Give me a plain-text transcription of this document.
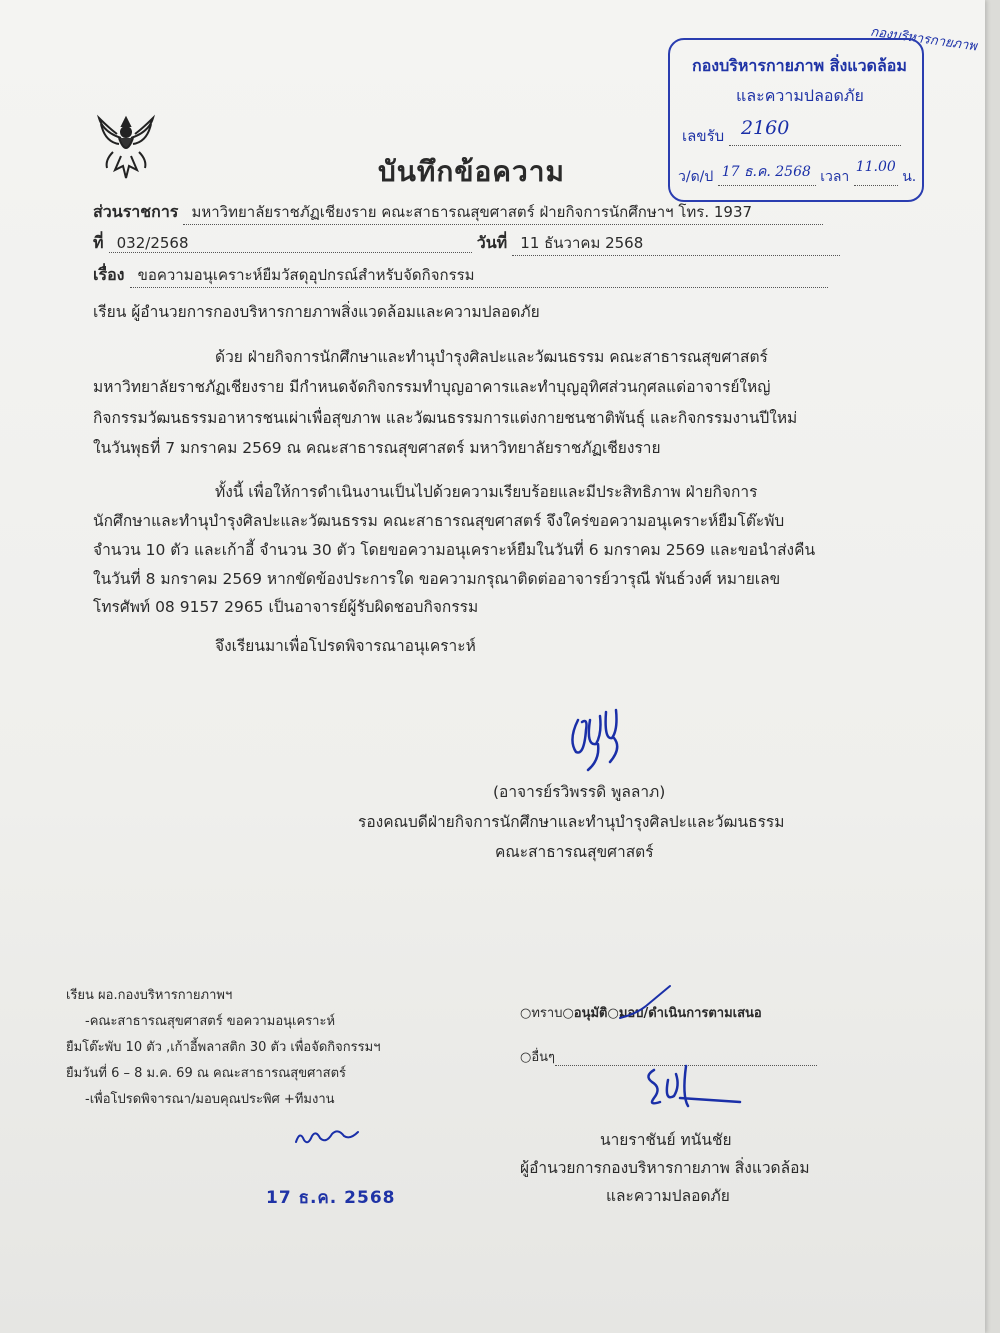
กองบริหารกายภาพ
กองบริหารกายภาพ สิ่งแวดล้อม
และความปลอดภัย
เลขรับ 2160

ว/ด/ป 17 ธ.ค. 2568 เวลา
11.00
น.
บันทึกข้อความ
ส่วนราชการ มหาวิทยาลัยราชภัฏเชียงราย คณะสาธารณสุขศาสตร์ ฝ่ายกิจการนักศึกษาฯ โทร. 1937
ที่ 032/2568	วันที่ 11 ธันวาคม 2568
เรื่อง ขอความอนุเคราะห์ยืมวัสดุอุปกรณ์สำหรับจัดกิจกรรม
เรียน ผู้อำนวยการกองบริหารกายภาพสิ่งแวดล้อมและความปลอดภัย
ด้วย ฝ่ายกิจการนักศึกษาและทำนุบำรุงศิลปะและวัฒนธรรม คณะสาธารณสุขศาสตร์
มหาวิทยาลัยราชภัฏเชียงราย มีกำหนดจัดกิจกรรมทำบุญอาคารและทำบุญอุทิศส่วนกุศลแด่อาจารย์ใหญ่
กิจกรรมวัฒนธรรมอาหารชนเผ่าเพื่อสุขภาพ และวัฒนธรรมการแต่งกายชนชาติพันธุ์ และกิจกรรมงานปีใหม่
ในวันพุธที่ 7 มกราคม 2569 ณ คณะสาธารณสุขศาสตร์ มหาวิทยาลัยราชภัฏเชียงราย
ทั้งนี้ เพื่อให้การดำเนินงานเป็นไปด้วยความเรียบร้อยและมีประสิทธิภาพ ฝ่ายกิจการ
นักศึกษาและทำนุบำรุงศิลปะและวัฒนธรรม คณะสาธารณสุขศาสตร์ จึงใคร่ขอความอนุเคราะห์ยืมโต๊ะพับ
จำนวน 10 ตัว และเก้าอี้ จำนวน 30 ตัว โดยขอความอนุเคราะห์ยืมในวันที่ 6 มกราคม 2569 และขอนำส่งคืน
ในวันที่ 8 มกราคม 2569 หากขัดข้องประการใด ขอความกรุณาติดต่ออาจารย์วารุณี พันธ์วงศ์ หมายเลข
โทรศัพท์ 08 9157 2965 เป็นอาจารย์ผู้รับผิดชอบกิจกรรม
จึงเรียนมาเพื่อโปรดพิจารณาอนุเคราะห์
(อาจารย์รวิพรรดิ พูลลาภ)
รองคณบดีฝ่ายกิจการนักศึกษาและทำนุบำรุงศิลปะและวัฒนธรรม
คณะสาธารณสุขศาสตร์
เรียน ผอ.กองบริหารกายภาพฯ
-คณะสาธารณสุขศาสตร์ ขอความอนุเคราะห์
ยืมโต๊ะพับ 10 ตัว ,เก้าอี้พลาสติก 30 ตัว เพื่อจัดกิจกรรมฯ
ยืมวันที่ 6 – 8 ม.ค. 69 ณ คณะสาธารณสุขศาสตร์
-เพื่อโปรดพิจารณา/มอบคุณประพิศ +ทีมงาน
17 ธ.ค. 2568
○ทราบ○อนุมัติ○มอบ/ดำเนินการตามเสนอ
○อื่นๆ
นายราชันย์ ทนันชัย
ผู้อำนวยการกองบริหารกายภาพ สิ่งแวดล้อม
และความปลอดภัย
